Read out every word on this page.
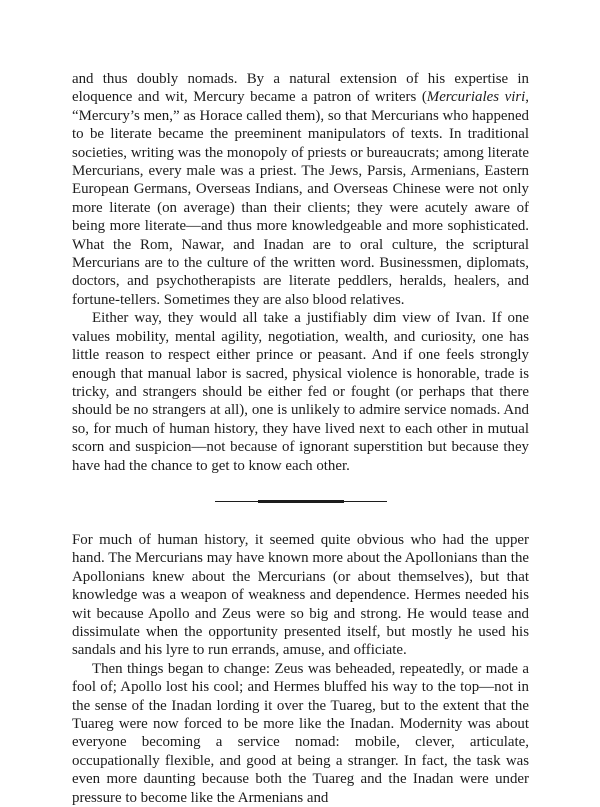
and thus doubly nomads. By a natural extension of his expertise in eloquence and wit, Mercury became a patron of writers (Mercuriales viri, “Mercury’s men,” as Horace called them), so that Mercurians who happened to be literate became the preeminent manipulators of texts. In traditional societies, writing was the monopoly of priests or bureaucrats; among literate Mercurians, every male was a priest. The Jews, Parsis, Armenians, Eastern European Germans, Overseas Indians, and Overseas Chinese were not only more literate (on average) than their clients; they were acutely aware of being more literate—and thus more knowledgeable and more sophisticated. What the Rom, Nawar, and Inadan are to oral culture, the scriptural Mercurians are to the culture of the written word. Businessmen, diplomats, doctors, and psychotherapists are literate peddlers, heralds, healers, and fortune-tellers. Sometimes they are also blood relatives.

Either way, they would all take a justifiably dim view of Ivan. If one values mobility, mental agility, negotiation, wealth, and curiosity, one has little reason to respect either prince or peasant. And if one feels strongly enough that manual labor is sacred, physical violence is honorable, trade is tricky, and strangers should be either fed or fought (or perhaps that there should be no strangers at all), one is unlikely to admire service nomads. And so, for much of human history, they have lived next to each other in mutual scorn and suspicion—not because of ignorant superstition but because they have had the chance to get to know each other.

For much of human history, it seemed quite obvious who had the upper hand. The Mercurians may have known more about the Apollonians than the Apollonians knew about the Mercurians (or about themselves), but that knowledge was a weapon of weakness and dependence. Hermes needed his wit because Apollo and Zeus were so big and strong. He would tease and dissimulate when the opportunity presented itself, but mostly he used his sandals and his lyre to run errands, amuse, and officiate.

Then things began to change: Zeus was beheaded, repeatedly, or made a fool of; Apollo lost his cool; and Hermes bluffed his way to the top—not in the sense of the Inadan lording it over the Tuareg, but to the extent that the Tuareg were now forced to be more like the Inadan. Modernity was about everyone becoming a service nomad: mobile, clever, articulate, occupationally flexible, and good at being a stranger. In fact, the task was even more daunting because both the Tuareg and the Inadan were under pressure to become like the Armenians and
